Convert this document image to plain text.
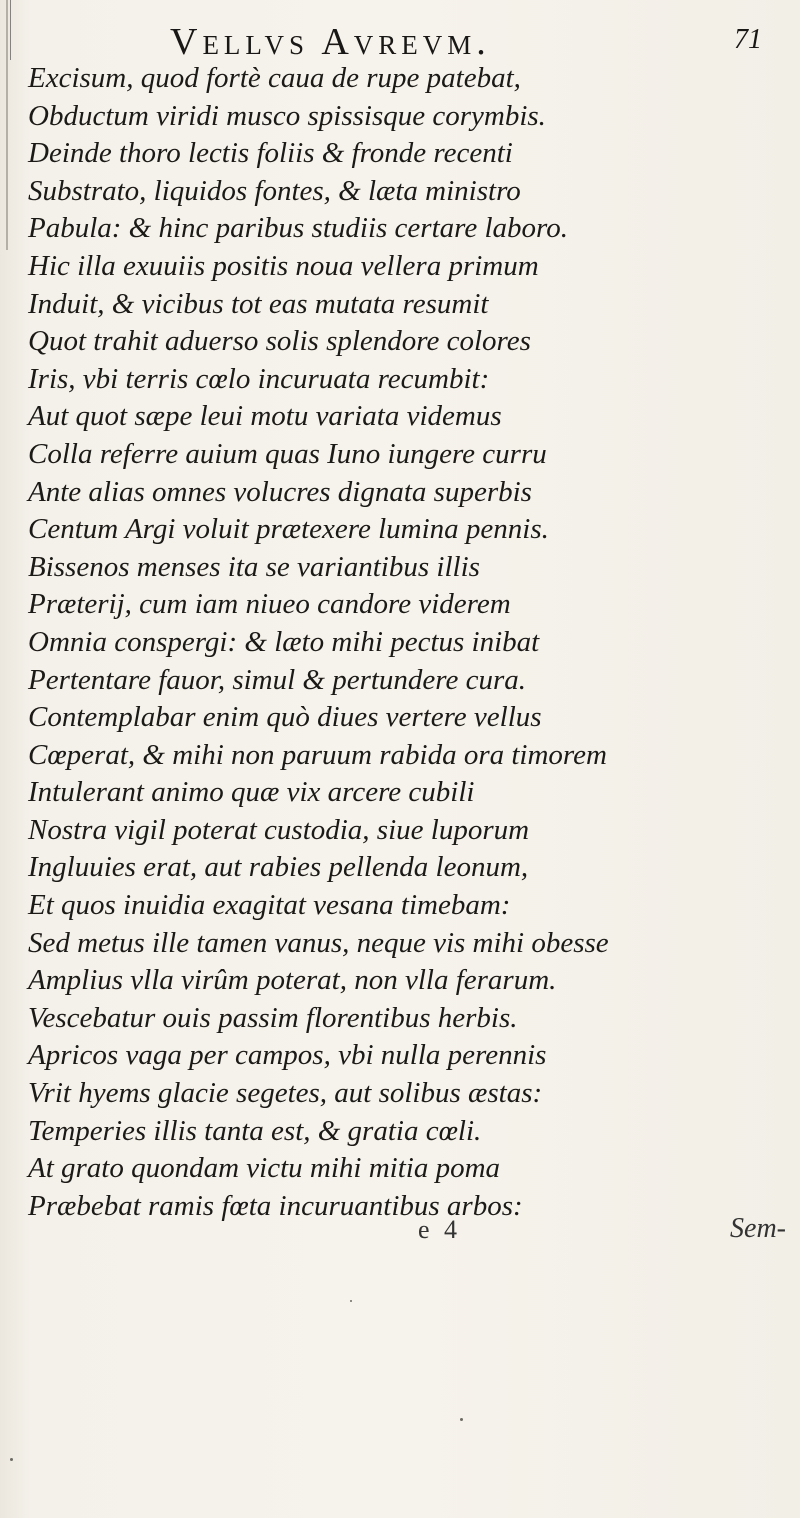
Vellvs Avrevm.	71
Excisum, quod fortè caua de rupe patebat,
Obductum viridi musco spissisque corymbis.
Deinde thoro lectis foliis & fronde recenti
Substrato, liquidos fontes, & læta ministro
Pabula: & hinc paribus studiis certare laboro.
Hic illa exuuiis positis noua vellera primum
Induit, & vicibus tot eas mutata resumit
Quot trahit aduerso solis splendore colores
Iris, vbi terris cœlo incuruata recumbit:
Aut quot sæpe leui motu variata videmus
Colla referre auium quas Iuno iungere curru
Ante alias omnes volucres dignata superbis
Centum Argi voluit prætexere lumina pennis.
Bissenos menses ita se variantibus illis
Prӕterij, cum iam niueo candore viderem
Omnia conspergi: & læto mihi pectus inibat
Pertentare fauor, simul & pertundere cura.
Contemplabar enim quò diues vertere vellus
Cœperat, & mihi non paruum rabida ora timorem
Intulerant animo quæ vix arcere cubili
Nostra vigil poterat custodia, siue luporum
Ingluuies erat, aut rabies pellenda leonum,
Et quos inuidia exagitat vesana timebam:
Sed metus ille tamen vanus, neque vis mihi obesse
Amplius vlla virûm poterat, non vlla ferarum.
Vescebatur ouis passim florentibus herbis.
Apricos vaga per campos, vbi nulla perennis
Vrit hyems glacie segetes, aut solibus æstas:
Temperies illis tanta est, & gratia cœli.
At grato quondam victu mihi mitia poma
Præbebat ramis fœta incuruantibus arbos:
e 4	Sem-
